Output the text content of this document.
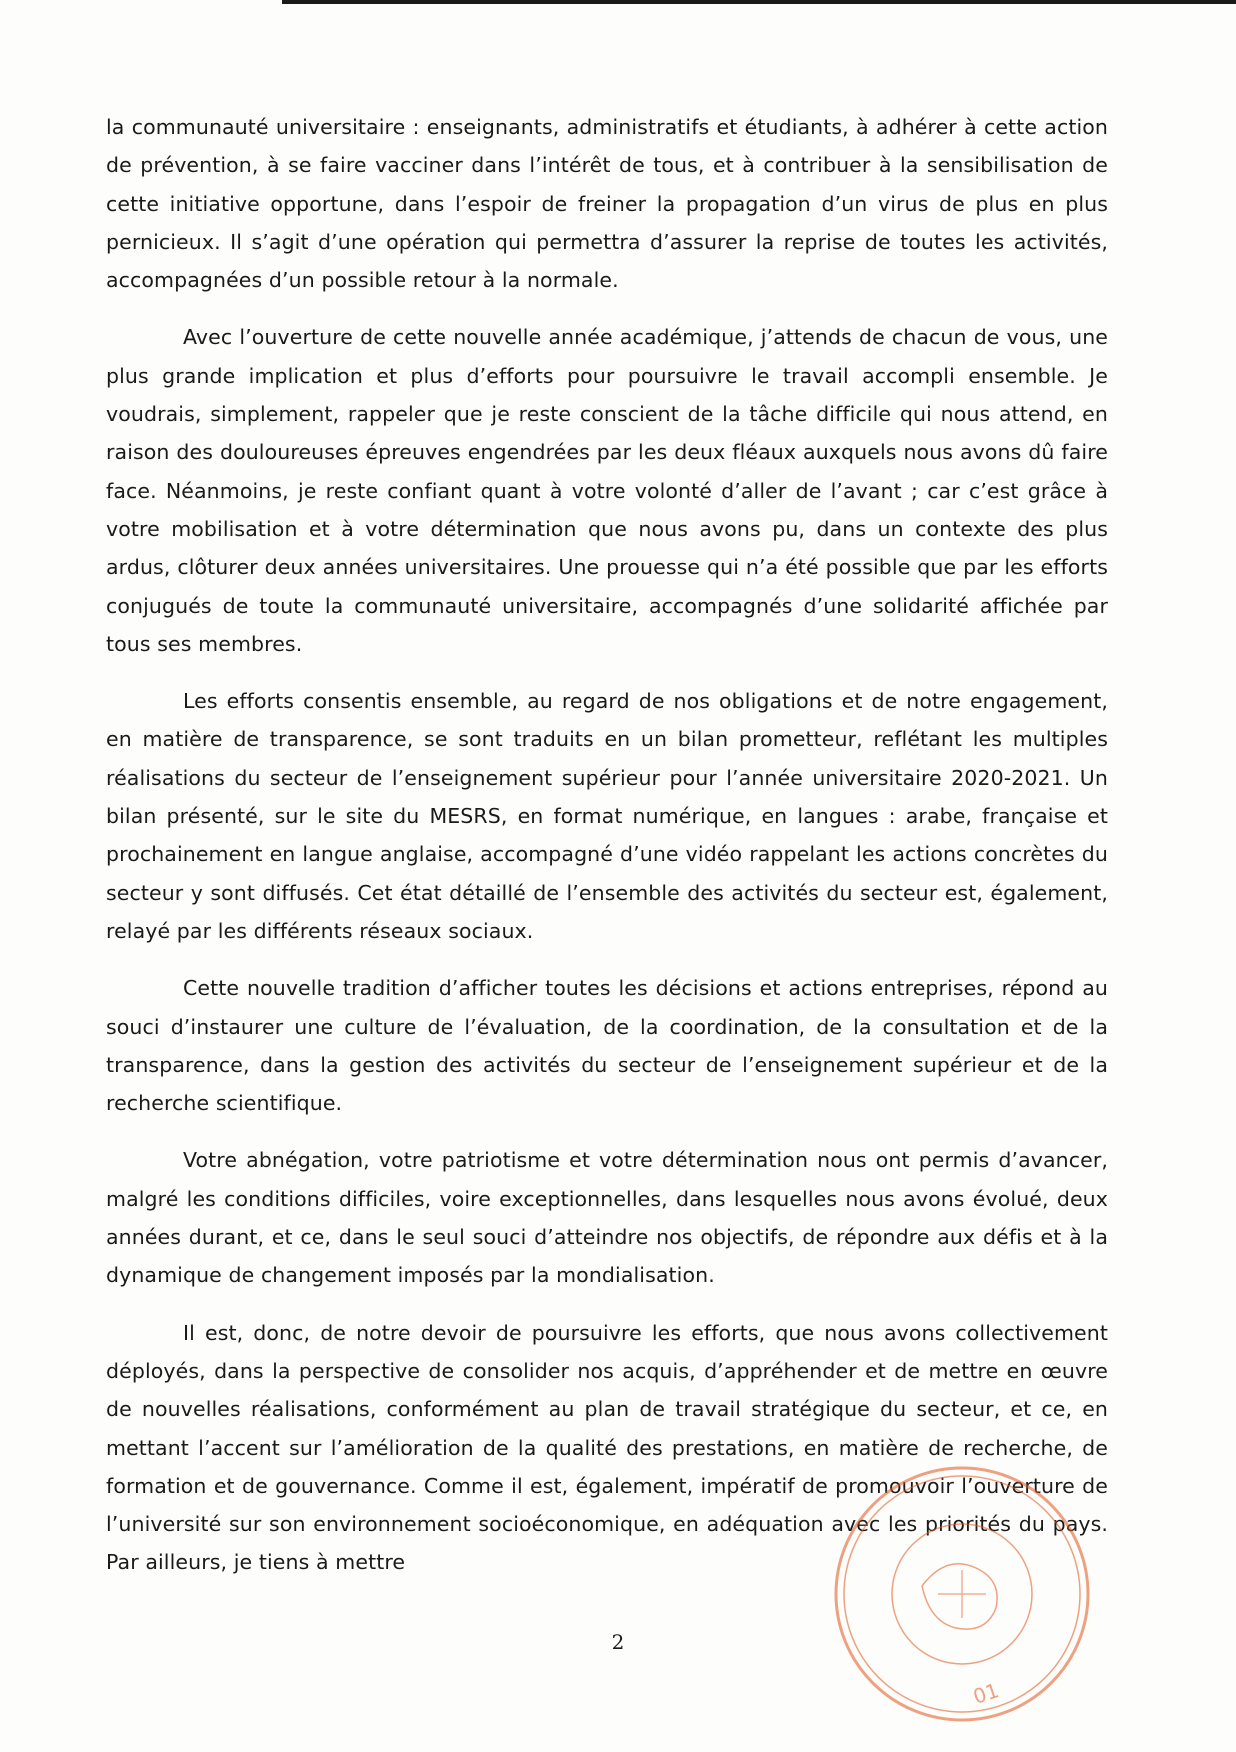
la communauté universitaire : enseignants, administratifs et étudiants, à adhérer à cette action de prévention, à se faire vacciner dans l’intérêt de tous, et à contribuer à la sensibilisation de cette initiative opportune, dans l’espoir de freiner la propagation d’un virus de plus en plus pernicieux. Il s’agit d’une opération qui permettra d’assurer la reprise de toutes les activités, accompagnées d’un possible retour à la normale.

Avec l’ouverture de cette nouvelle année académique, j’attends de chacun de vous, une plus grande implication et plus d’efforts pour poursuivre le travail accompli ensemble. Je voudrais, simplement, rappeler que je reste conscient de la tâche difficile qui nous attend, en raison des douloureuses épreuves engendrées par les deux fléaux auxquels nous avons dû faire face. Néanmoins, je reste confiant quant à votre volonté d’aller de l’avant ; car c’est grâce à votre mobilisation et à votre détermination que nous avons pu, dans un contexte des plus ardus, clôturer deux années universitaires. Une prouesse qui n’a été possible que par les efforts conjugués de toute la communauté universitaire, accompagnés d’une solidarité affichée par tous ses membres.

Les efforts consentis ensemble, au regard de nos obligations et de notre engagement, en matière de transparence, se sont traduits en un bilan prometteur, reflétant les multiples réalisations du secteur de l’enseignement supérieur pour l’année universitaire 2020-2021. Un bilan présenté, sur le site du MESRS, en format numérique, en langues : arabe, française et prochainement en langue anglaise, accompagné d’une vidéo rappelant les actions concrètes du secteur y sont diffusés. Cet état détaillé de l’ensemble des activités du secteur est, également, relayé par les différents réseaux sociaux.

Cette nouvelle tradition d’afficher toutes les décisions et actions entreprises, répond au souci d’instaurer une culture de l’évaluation, de la coordination, de la consultation et de la transparence, dans la gestion des activités du secteur de l’enseignement supérieur et de la recherche scientifique.

Votre abnégation, votre patriotisme et votre détermination nous ont permis d’avancer, malgré les conditions difficiles, voire exceptionnelles, dans lesquelles nous avons évolué, deux années durant, et ce, dans le seul souci d’atteindre nos objectifs, de répondre aux défis et à la dynamique de changement imposés par la mondialisation.

Il est, donc, de notre devoir de poursuivre les efforts, que nous avons collectivement déployés, dans la perspective de consolider nos acquis, d’appréhender et de mettre en œuvre de nouvelles réalisations, conformément au plan de travail stratégique du secteur, et ce, en mettant l’accent sur l’amélioration de la qualité des prestations, en matière de recherche, de formation et de gouvernance. Comme il est, également, impératif de promouvoir l’ouverture de l’université sur son environnement socioéconomique, en adéquation avec les priorités du pays. Par ailleurs, je tiens à mettre

01
2
